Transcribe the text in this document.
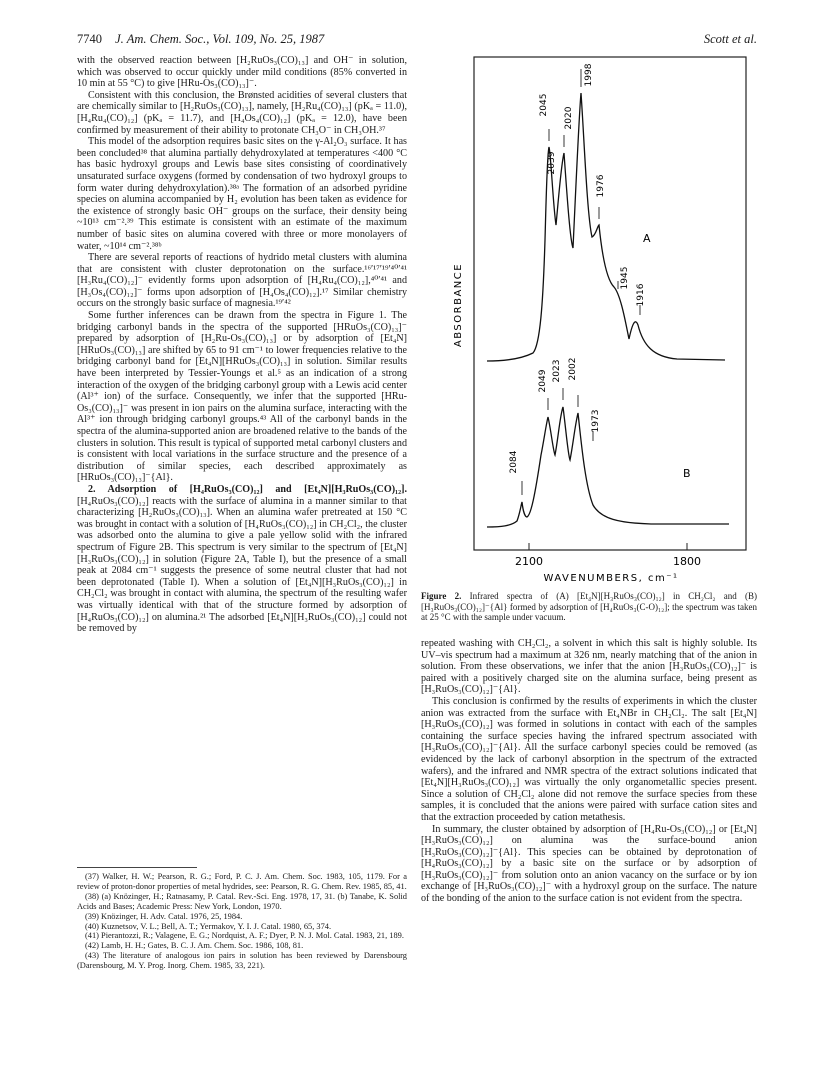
7740 J. Am. Chem. Soc., Vol. 109, No. 25, 1987	Scott et al.

with the observed reaction between [H₂RuOs₃(CO)₁₃] and OH⁻ in solution, which was observed to occur quickly under mild conditions (85% converted in 10 min at 55 °C) to give [HRu-Os₃(CO)₁₃]⁻.

Consistent with this conclusion, the Brønsted acidities of several clusters that are chemically similar to [H₂RuOs₃(CO)₁₃], namely, [H₂Ru₄(CO)₁₃] (pKₐ = 11.0), [H₄Ru₄(CO)₁₂] (pKₐ = 11.7), and [H₄Os₄(CO)₁₂] (pKₐ = 12.0), have been confirmed by measurement of their ability to protonate CH₃O⁻ in CH₃OH.³⁷

This model of the adsorption requires basic sites on the γ-Al₂O₃ surface. It has been concluded³⁸ that alumina partially dehydroxylated at temperatures <400 °C has basic hydroxyl groups and Lewis base sites consisting of coordinatively unsaturated surface oxygens (formed by condensation of two hydroxyl groups to form water during dehydroxylation).³⁸ᵃ The formation of an adsorbed pyridine species on alumina accompanied by H₂ evolution has been taken as evidence for the existence of strongly basic OH⁻ groups on the surface, their density being ~10¹³ cm⁻².³⁹ This estimate is consistent with an estimate of the maximum number of basic sites on alumina covered with three or more monolayers of water, ~10¹⁴ cm⁻².³⁸ᵇ

There are several reports of reactions of hydrido metal clusters with alumina that are consistent with cluster deprotonation on the surface.¹⁶ʹ¹⁷ʹ¹⁹ʹ⁴⁰ʹ⁴¹ [H₃Ru₄(CO)₁₂]⁻ evidently forms upon adsorption of [H₄Ru₄(CO)₁₂],⁴⁰ʹ⁴¹ and [H₃Os₄(CO)₁₂]⁻ forms upon adsorption of [H₄Os₄(CO)₁₂].¹⁷ Similar chemistry occurs on the strongly basic surface of magnesia.¹⁹ʹ⁴²

Some further inferences can be drawn from the spectra in Figure 1. The bridging carbonyl bands in the spectra of the supported [HRuOs₃(CO)₁₃]⁻ prepared by adsorption of [H₂Ru-Os₃(CO)₁₃] or by adsorption of [Et₄N][HRuOs₃(CO)₁₃] are shifted by 65 to 91 cm⁻¹ to lower frequencies relative to the bridging carbonyl band for [Et₄N][HRuOs₃(CO)₁₃] in solution. Similar results have been interpreted by Tessier-Youngs et al.⁵ as an indication of a strong interaction of the oxygen of the bridging carbonyl group with a Lewis acid center (Al³⁺ ion) of the surface. Consequently, we infer that the supported [HRu-Os₃(CO)₁₃]⁻ was present in ion pairs on the alumina surface, interacting with the Al³⁺ ion through bridging carbonyl groups.⁴³ All of the carbonyl bands in the spectra of the alumina-supported anion are broadened relative to the bands of the clusters in solution. This result is typical of supported metal carbonyl clusters and is consistent with local variations in the surface structure and the presence of a distribution of similar species, each described approximately as [HRuOs₃(CO)₁₃]⁻{Al}.

2. Adsorption of [H₄RuOs₃(CO)₁₂] and [Et₄N][H₃RuOs₃(CO)₁₂]. [H₄RuOs₃(CO)₁₂] reacts with the surface of alumina in a manner similar to that characterizing [H₂RuOs₃(CO)₁₃]. When an alumina wafer pretreated at 150 °C was brought in contact with a solution of [H₄RuOs₃(CO)₁₂] in CH₂Cl₂, the cluster was adsorbed onto the alumina to give a pale yellow solid with the infrared spectrum of Figure 2B. This spectrum is very similar to the spectrum of [Et₄N][H₃RuOs₃(CO)₁₂] in solution (Figure 2A, Table I), but the presence of a small peak at 2084 cm⁻¹ suggests the presence of some neutral cluster that had not been deprotonated (Table I). When a solution of [Et₄N][H₃RuOs₃(CO)₁₂] in CH₂Cl₂ was brought in contact with alumina, the spectrum of the resulting wafer was virtually identical with that of the structure formed by adsorption of [H₄RuOs₃(CO)₁₂] on alumina.²¹ The adsorbed [Et₄N][H₃RuOs₃(CO)₁₂] could not be removed by

(37) Walker, H. W.; Pearson, R. G.; Ford, P. C. J. Am. Chem. Soc. 1983, 105, 1179. For a review of proton-donor properties of metal hydrides, see: Pearson, R. G. Chem. Rev. 1985, 85, 41.

(38) (a) Knözinger, H.; Ratnasamy, P. Catal. Rev.-Sci. Eng. 1978, 17, 31. (b) Tanabe, K. Solid Acids and Bases; Academic Press: New York, London, 1970.

(39) Knözinger, H. Adv. Catal. 1976, 25, 1984.

(40) Kuznetsov, V. L.; Bell, A. T.; Yermakov, Y. I. J. Catal. 1980, 65, 374.

(41) Pierantozzi, R.; Valagene, E. G.; Nordquist, A. F.; Dyer, P. N. J. Mol. Catal. 1983, 21, 189.

(42) Lamb, H. H.; Gates, B. C. J. Am. Chem. Soc. 1986, 108, 81.

(43) The literature of analogous ion pairs in solution has been reviewed by Darensbourg (Darensbourg, M. Y. Prog. Inorg. Chem. 1985, 33, 221).

2100	1800
WAVENUMBERS, cm⁻¹
ABSORBANCE
2045
2039
2020
1998
1976
1945
1916
A
2084
2049 2023 2002
1973
B
Figure 2. Infrared spectra of (A) [Et₄N][H₃RuOs₃(CO)₁₂] in CH₂Cl₂ and (B) [H₃RuOs₃(CO)₁₂]⁻{Al} formed by adsorption of [H₄RuOs₃(C-O)₁₂]; the spectrum was taken at 25 °C with the sample under vacuum.

repeated washing with CH₂Cl₂, a solvent in which this salt is highly soluble. Its UV–vis spectrum had a maximum at 326 nm, nearly matching that of the anion in solution. From these observations, we infer that the anion [H₃RuOs₃(CO)₁₂]⁻ is paired with a positively charged site on the alumina surface, being present as [H₃RuOs₃(CO)₁₂]⁻{Al}.

This conclusion is confirmed by the results of experiments in which the cluster anion was extracted from the surface with Et₄NBr in CH₂Cl₂. The salt [Et₄N][H₃RuOs₃(CO)₁₂] was formed in solutions in contact with each of the samples containing the surface species having the infrared spectrum associated with [H₃RuOs₃(CO)₁₂]⁻{Al}. All the surface carbonyl species could be removed (as evidenced by the lack of carbonyl absorption in the spectrum of the extracted wafers), and the infrared and NMR spectra of the extract solutions indicated that [Et₄N][H₃RuOs₃(CO)₁₂] was virtually the only organometallic species present. Since a solution of CH₂Cl₂ alone did not remove the surface species from these samples, it is concluded that the anions were paired with surface cation sites and that the extraction proceeded by cation metathesis.

In summary, the cluster obtained by adsorption of [H₄Ru-Os₃(CO)₁₂] or [Et₄N][H₃RuOs₃(CO)₁₂] on alumina was the surface-bound anion [H₃RuOs₃(CO)₁₂]⁻{Al}. This species can be obtained by deprotonation of [H₄RuOs₃(CO)₁₂] by a basic site on the surface or by adsorption of [H₃RuOs₃(CO)₁₂]⁻ from solution onto an anion vacancy on the surface or by ion exchange of [H₃RuOs₃(CO)₁₂]⁻ with a hydroxyl group on the surface. The nature of the bonding of the anion to the surface cation is not evident from the spectra.
